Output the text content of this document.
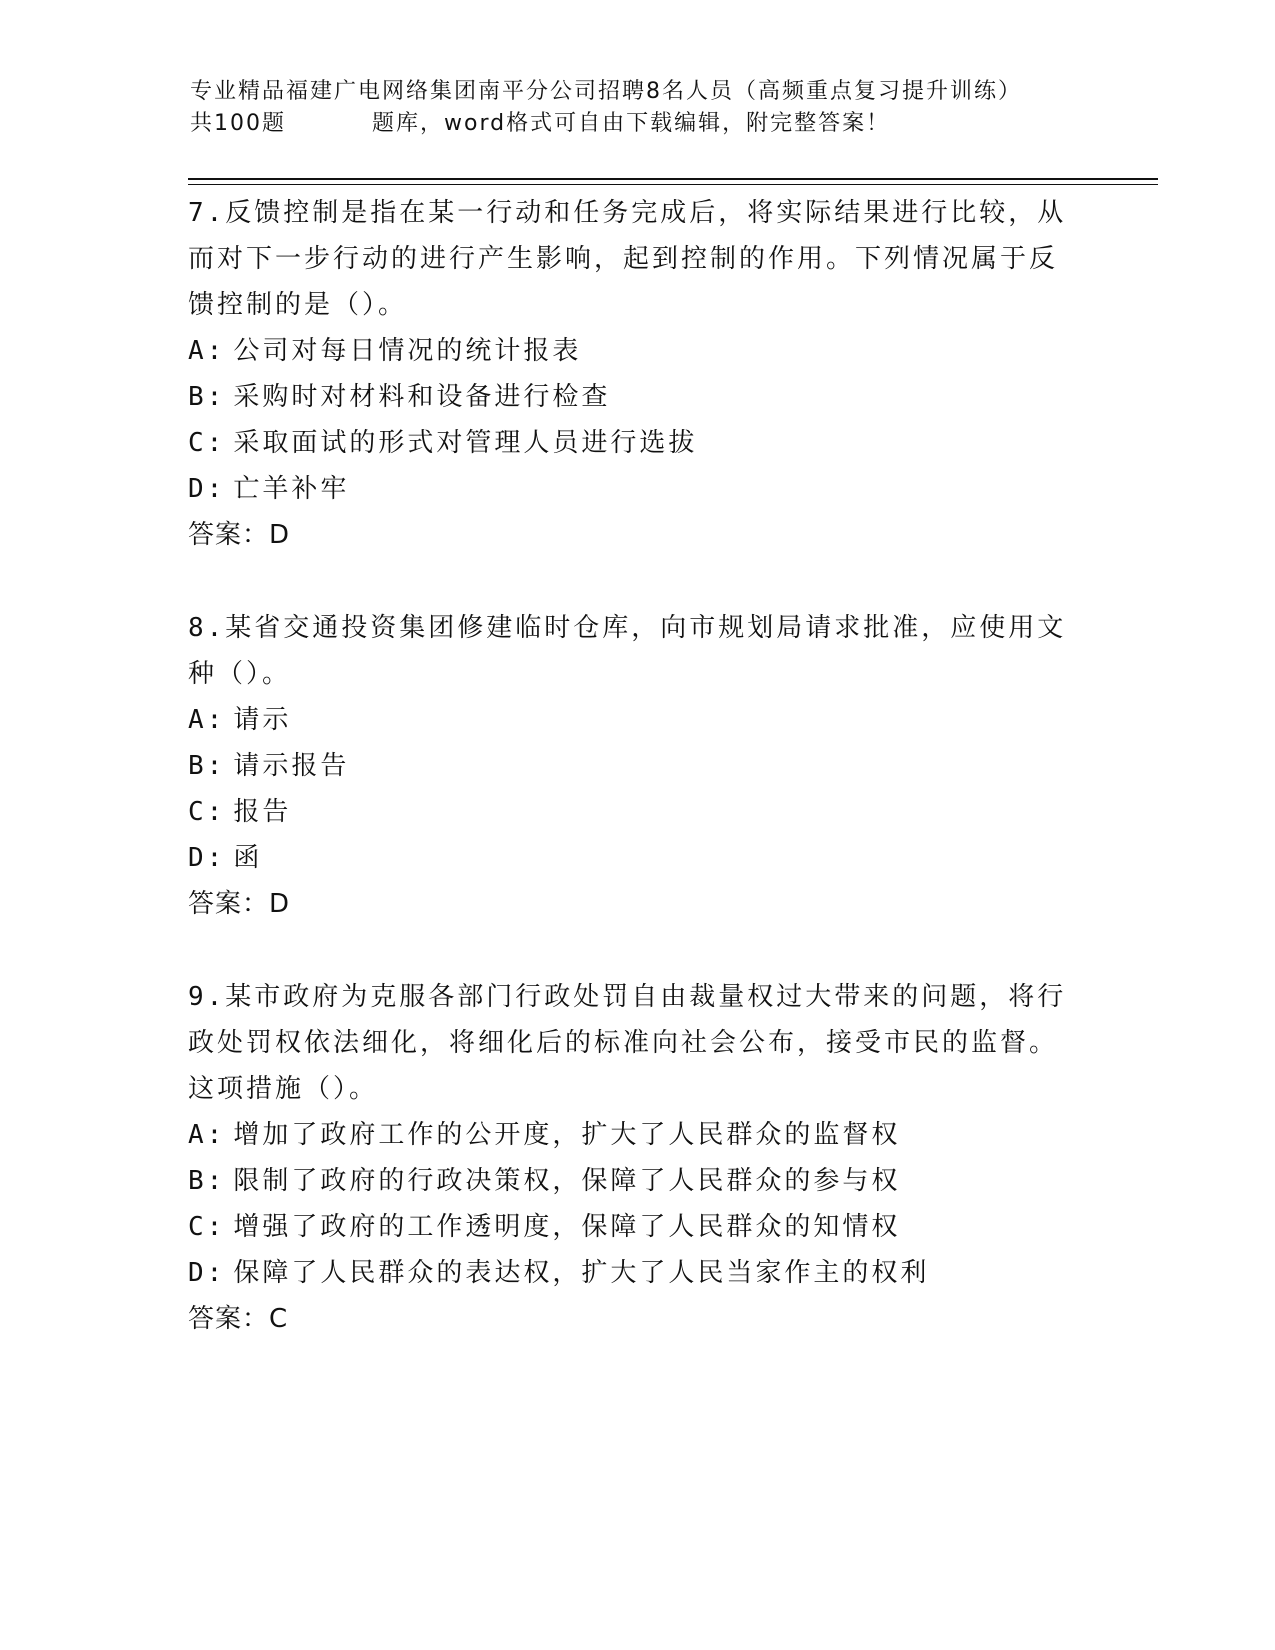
专业精品福建广电网络集团南平分公司招聘8名人员（高频重点复习提升训练）
共100题	题库，word格式可自由下载编辑，附完整答案！

7.反馈控制是指在某一行动和任务完成后，将实际结果进行比较，从而对下一步行动的进行产生影响，起到控制的作用。下列情况属于反馈控制的是（）。

A: 公司对每日情况的统计报表

B: 采购时对材料和设备进行检查

C: 采取面试的形式对管理人员进行选拔

D: 亡羊补牢

答案：D

8.某省交通投资集团修建临时仓库，向市规划局请求批准，应使用文种（）。

A: 请示

B: 请示报告

C: 报告

D: 函

答案：D

9.某市政府为克服各部门行政处罚自由裁量权过大带来的问题，将行政处罚权依法细化，将细化后的标准向社会公布，接受市民的监督。这项措施（）。

A: 增加了政府工作的公开度，扩大了人民群众的监督权

B: 限制了政府的行政决策权，保障了人民群众的参与权

C: 增强了政府的工作透明度，保障了人民群众的知情权

D: 保障了人民群众的表达权，扩大了人民当家作主的权利

答案：C
